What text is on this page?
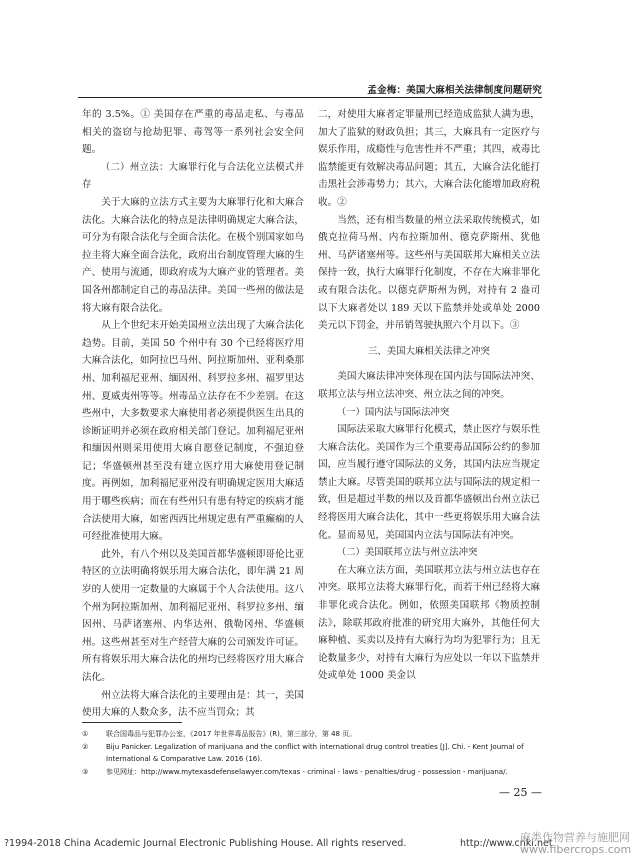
孟金梅：美国大麻相关法律制度问题研究

年的 3.5%。① 美国存在严重的毒品走私、与毒品相关的盗窃与抢劫犯罪、毒驾等一系列社会安全问题。

（二）州立法：大麻罪行化与合法化立法模式并存

关于大麻的立法方式主要为大麻罪行化和大麻合法化。大麻合法化的特点是法律明确规定大麻合法，可分为有限合法化与全面合法化。在极个别国家如乌拉圭将大麻全面合法化，政府出台制度管理大麻的生产、使用与流通，即政府成为大麻产业的管理者。美国各州都制定自己的毒品法律。美国一些州的做法是将大麻有限合法化。

从上个世纪末开始美国州立法出现了大麻合法化趋势。目前，美国 50 个州中有 30 个已经将医疗用大麻合法化，如阿拉巴马州、阿拉斯加州、亚利桑那州、加利福尼亚州、缅因州、科罗拉多州、福罗里达州、夏威夷州等等。州毒品立法存在不少差别。在这些州中，大多数要求大麻使用者必须提供医生出具的诊断证明并必须在政府相关部门登记。加利福尼亚州和缅因州则采用使用大麻自愿登记制度，不强迫登记；华盛顿州甚至没有建立医疗用大麻使用登记制度。再例如，加利福尼亚州没有明确规定医用大麻适用于哪些疾病；而在有些州只有患有特定的疾病才能合法使用大麻，如密西西比州规定患有严重癫痫的人可经批准使用大麻。

此外，有八个州以及美国首都华盛顿即哥伦比亚特区的立法明确将娱乐用大麻合法化，即年满 21 周岁的人使用一定数量的大麻属于个人合法使用。这八个州为阿拉斯加州、加利福尼亚州、科罗拉多州、缅因州、马萨诸塞州、内华达州、俄勒冈州、华盛顿州。这些州甚至对生产经营大麻的公司颁发许可证。所有将娱乐用大麻合法化的州均已经将医疗用大麻合法化。

州立法将大麻合法化的主要理由是：其一，美国使用大麻的人数众多，法不应当罚众；其

二，对使用大麻者定罪量刑已经造成监狱人满为患，加大了监狱的财政负担；其三，大麻具有一定医疗与娱乐作用，成瘾性与危害性并不严重；其四，戒毒比监禁能更有效解决毒品问题；其五，大麻合法化能打击黑社会涉毒势力；其六，大麻合法化能增加政府税收。②

当然，还有相当数量的州立法采取传统模式，如俄克拉荷马州、内布拉斯加州、德克萨斯州、犹他州、马萨诸塞州等。这些州与美国联邦大麻相关立法保持一致，执行大麻罪行化制度，不存在大麻非罪化或有限合法化。以德克萨斯州为例，对持有 2 盎司以下大麻者处以 189 天以下监禁并处或单处 2000 美元以下罚金，并吊销驾驶执照六个月以下。③

三、美国大麻相关法律之冲突

美国大麻法律冲突体现在国内法与国际法冲突、联邦立法与州立法冲突、州立法之间的冲突。

（一）国内法与国际法冲突

国际法采取大麻罪行化模式，禁止医疗与娱乐性大麻合法化。美国作为三个重要毒品国际公约的参加国，应当履行遵守国际法的义务，其国内法应当规定禁止大麻。尽管美国的联邦立法与国际法的规定相一致，但是超过半数的州以及首都华盛顿出台州立法已经将医用大麻合法化，其中一些更将娱乐用大麻合法化。显而易见，美国国内立法与国际法有冲突。

（二）美国联邦立法与州立法冲突

在大麻立法方面，美国联邦立法与州立法也存在冲突。联邦立法将大麻罪行化，而若干州已经将大麻非罪化或合法化。例如，依照美国联邦《物质控制法》，除联邦政府批准的研究用大麻外，其他任何大麻种植、买卖以及持有大麻行为均为犯罪行为；且无论数量多少，对持有大麻行为应处以一年以下监禁并处或单处 1000 美金以

①	联合国毒品与犯罪办公室，《2017 年世界毒品报告》(R)，第三部分，第 48 页。
②	Biju Panicker. Legalization of marijuana and the conflict with international drug control treaties [J]. Chi. - Kent Journal of International & Comparative Law. 2016 (16).
③	参见网址：http://www.mytexasdefenselawyer.com/texas - criminal - laws - penalties/drug - possession - marijuana/.
— 25 —
?1994-2018 China Academic Journal Electronic Publishing House. All rights reserved.	http://www.cnki.net
麻类作物营养与施肥网
www.fibercrops.com
